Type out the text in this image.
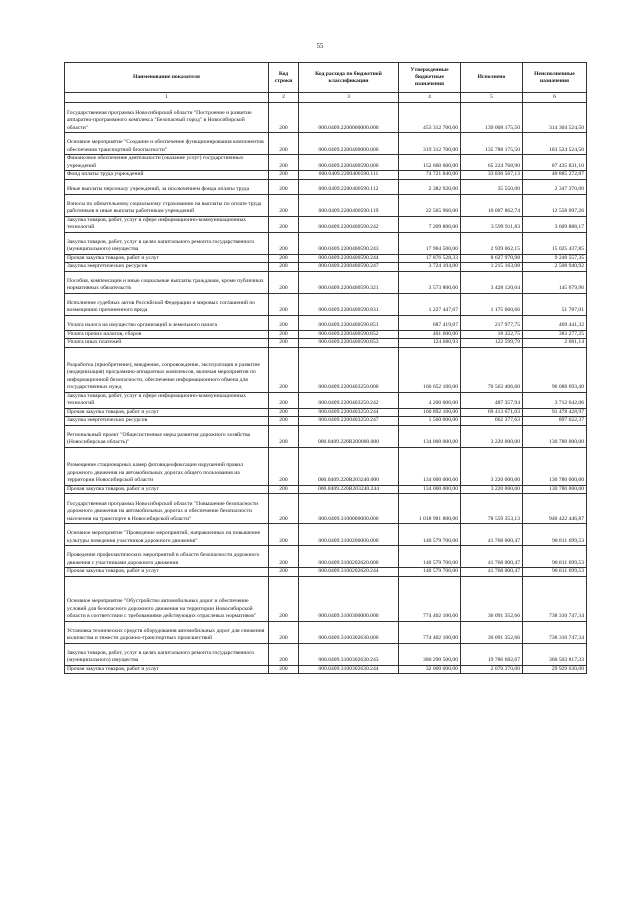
55
Наименование показателя	Код строки	Код расхода по бюджетной классификации	Утвержденные бюджетные назначения	Исполнено	Неисполненные назначения
1	2	3	4	5	6
Государственная программа Новосибирской области "Построение и развитие аппаратно-программного комплекса "Безопасный город" в Новосибирской области"	200	000.0409.2200000000.000	453 312 700,00	139 008 175,50	314 304 524,50
Основное мероприятие "Создание и обеспечение функционирования компонентов обеспечения транспортной безопасности"	200	000.0409.2200400000.000	319 312 700,00	135 788 175,50	183 524 524,50
Финансовое обеспечение деятельности (оказание услуг) государственных учреждений	200	000.0409.2200400590.000	152 660 600,00	65 224 768,90	87 435 831,10
Фонд оплаты труда учреждений	200	000.0409.2200400590.111	74 721 840,00	33 836 567,13	40 885 272,87
Иные выплаты персоналу учреждений, за исключением фонда оплаты труда	200	000.0409.2200400590.112	2 382 920,00	35 550,00	2 347 370,00
Взносы по обязательному социальному страхованию на выплаты по оплате труда работников и иные выплаты работникам учреждений	200	000.0409.2200400590.119	22 565 960,00	10 007 862,74	12 558 097,26
Закупка товаров, работ, услуг в сфере информационно-коммуникационных технологий	200	000.0409.2200400590.242	7 209 800,00	3 599 911,83	3 609 888,17
Закупка товаров, работ, услуг в целях капитального ремонта государственного (муниципального) имущества	200	000.0409.2200400590.243	17 964 500,00	2 939 062,15	15 025 437,85
Прочая закупка товаров, работ и услуг	200	000.0409.2200400590.244	17 876 528,33	8 627 970,98	9 248 557,35
Закупка энергетических ресурсов	200	000.0409.2200400590.247	3 724 104,00	1 215 163,08	2 508 940,92
Пособия, компенсации и иные социальные выплаты гражданам, кроме публичных нормативных обязательств	200	000.0409.2200400590.321	3 573 800,00	3 428 120,04	145 679,96
Исполнение судебных актов Российской Федерации и мировых соглашений по возмещению причиненного вреда	200	000.0409.2200400590.831	1 227 447,67	1 175 660,66	51 787,01
Уплата налога на имущество организаций и земельного налога	200	000.0409.2200400590.851	687 419,07	217 977,75	469 441,32
Уплата прочих налогов, сборов	200	000.0409.2200400590.852	401 600,00	18 322,75	383 277,25
Уплата иных платежей	200	000.0409.2200400590.853	124 680,93	122 599,79	2 081,14
Разработка (приобретение), внедрение, сопровождение, эксплуатация и развитие (модернизация) программно-аппаратных комплексов, включая мероприятия по информационной безопасности, обеспечение информационного обмена для государственных нужд	200	000.0409.2200403250.000	166 652 100,00	70 563 406,60	96 088 693,40
Закупка товаров, работ, услуг в сфере информационно-коммуникационных технологий	200	000.0409.2200403250.242	4 200 000,00	487 357,94	3 712 642,06
Прочая закупка товаров, работ и услуг	200	000.0409.2200403250.244	160 892 100,00	69 413 671,03	91 478 428,97
Закупка энергетических ресурсов	200	000.0409.2200403250.247	1 560 000,00	662 377,63	897 622,37
Региональный проект "Общесистемные меры развития дорожного хозяйства (Новосибирская область)"	200	000.0409.220R200000.000	134 000 000,00	3 220 000,00	130 780 000,00
Размещение стационарных камер фотовидеофиксации нарушений правил дорожного движения на автомобильных дорогах общего пользования на территории Новосибирской области	200	000.0409.220R203240.000	134 000 000,00	3 220 000,00	130 780 000,00
Прочая закупка товаров, работ и услуг	200	000.0409.220R203240.244	134 000 000,00	3 220 000,00	130 780 000,00
Государственная программа Новосибирской области "Повышение безопасности дорожного движения на автомобильных дорогах и обеспечение безопасности населения на транспорте в Новосибирской области"	200	000.0409.3100000000.000	1 018 981 800,00	78 559 353,13	940 422 446,87
Основное мероприятие "Проведение мероприятий, направленных на повышение культуры поведения участников дорожного движения"	200	000.0409.3100200000.000	140 579 700,00	41 768 000,47	98 811 699,53
Проведение профилактических мероприятий в области безопасности дорожного движения с участниками дорожного движения	200	000.0409.3100202620.000	140 579 700,00	41 768 000,47	98 811 699,53
Прочая закупка товаров, работ и услуг	200	000.0409.3100202620.244	140 579 700,00	41 768 000,47	98 811 699,53
Основное мероприятие "Обустройство автомобильных дорог и обеспечение условий для безопасного дорожного движения на территории Новосибирской области в соответствии с требованиями действующих отраслевых нормативов"	200	000.0409.3100300000.000	774 402 100,00	36 091 352,66	738 310 747,34
Установка технических средств оборудования автомобильных дорог для снижения количества и тяжести дорожно-транспортных происшествий	200	000.0409.3100302630.000	774 402 100,00	36 091 352,66	738 310 747,34
Закупка товаров, работ, услуг в целях капитального ремонта государственного (муниципального) имущества	200	000.0409.3100302630.243	380 290 500,00	19 786 682,67	360 503 817,33
Прочая закупка товаров, работ и услуг	200	000.0409.3100302630.244	32 000 000,00	2 070 370,00	29 929 630,00
